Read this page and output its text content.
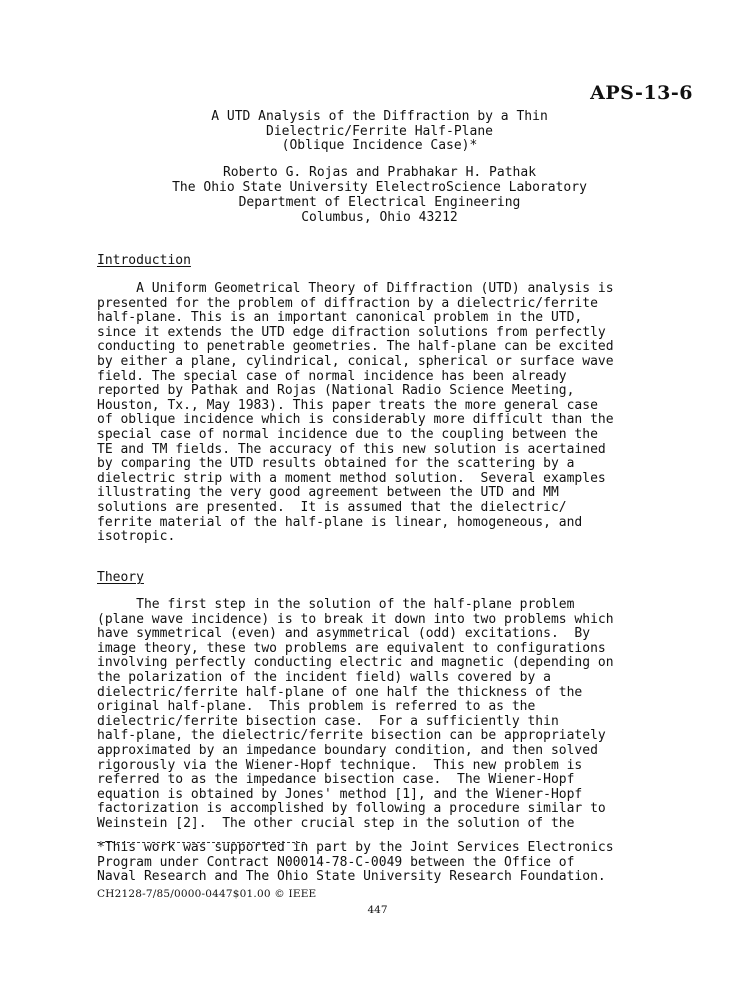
APS-13-6
A UTD Analysis of the Diffraction by a Thin
Dielectric/Ferrite Half-Plane
(Oblique Incidence Case)*
Roberto G. Rojas and Prabhakar H. Pathak
The Ohio State University ElelectroScience Laboratory
Department of Electrical Engineering
Columbus, Ohio 43212
Introduction
A Uniform Geometrical Theory of Diffraction (UTD) analysis is
presented for the problem of diffraction by a dielectric/ferrite
half-plane. This is an important canonical problem in the UTD,
since it extends the UTD edge difraction solutions from perfectly
conducting to penetrable geometries. The half-plane can be excited
by either a plane, cylindrical, conical, spherical or surface wave
field. The special case of normal incidence has been already
reported by Pathak and Rojas (National Radio Science Meeting,
Houston, Tx., May 1983). This paper treats the more general case
of oblique incidence which is considerably more difficult than the
special case of normal incidence due to the coupling between the
TE and TM fields. The accuracy of this new solution is acertained
by comparing the UTD results obtained for the scattering by a
dielectric strip with a moment method solution.  Several examples
illustrating the very good agreement between the UTD and MM
solutions are presented.  It is assumed that the dielectric/
ferrite material of the half-plane is linear, homogeneous, and
isotropic.
Theory
The first step in the solution of the half-plane problem
(plane wave incidence) is to break it down into two problems which
have symmetrical (even) and asymmetrical (odd) excitations.  By
image theory, these two problems are equivalent to configurations
involving perfectly conducting electric and magnetic (depending on
the polarization of the incident field) walls covered by a
dielectric/ferrite half-plane of one half the thickness of the
original half-plane.  This problem is referred to as the
dielectric/ferrite bisection case.  For a sufficiently thin
half-plane, the dielectric/ferrite bisection can be appropriately
approximated by an impedance boundary condition, and then solved
rigorously via the Wiener-Hopf technique.  This new problem is
referred to as the impedance bisection case.  The Wiener-Hopf
equation is obtained by Jones' method [1], and the Wiener-Hopf
factorization is accomplished by following a procedure similar to
Weinstein [2].  The other crucial step in the solution of the
*This work was supported in part by the Joint Services Electronics
Program under Contract N00014-78-C-0049 between the Office of
Naval Research and The Ohio State University Research Foundation.
CH2128-7/85/0000-0447$01.00 © IEEE
447
